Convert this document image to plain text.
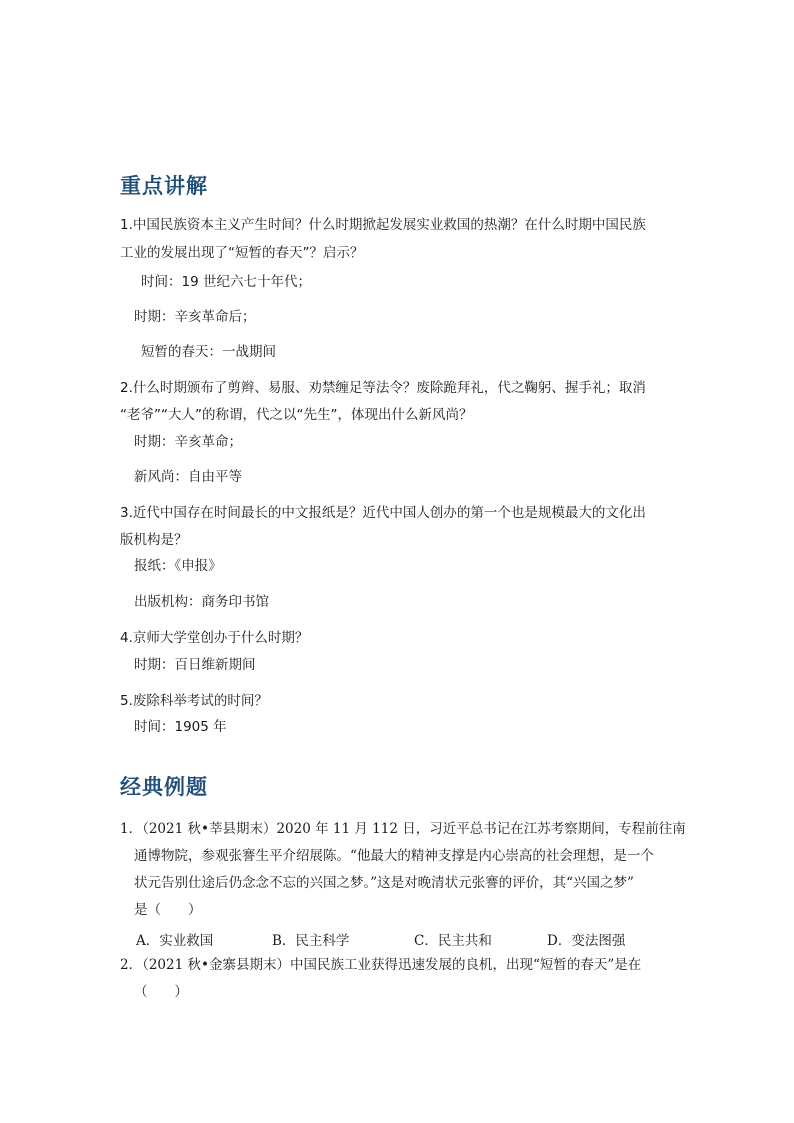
重点讲解
1.中国民族资本主义产生时间？什么时期掀起发展实业救国的热潮？在什么时期中国民族
工业的发展出现了“短暂的春天”？启示？
时间：19 世纪六七十年代；
时期：辛亥革命后；
短暂的春天：一战期间
2.什么时期颁布了剪辫、易服、劝禁缠足等法令？废除跪拜礼，代之鞠躬、握手礼；取消
“老爷”“大人”的称谓，代之以“先生”，体现出什么新风尚？
时期：辛亥革命；
新风尚：自由平等
3.近代中国存在时间最长的中文报纸是？近代中国人创办的第一个也是规模最大的文化出
版机构是？
报纸：《申报》
出版机构：商务印书馆
4.京师大学堂创办于什么时期？
时期：百日维新期间
5.废除科举考试的时间？
时间：1905 年
经典例题
1．（2021 秋•莘县期末）2020 年 11 月 112 日，习近平总书记在江苏考察期间，专程前往南
通博物院，参观张謇生平介绍展陈。“他最大的精神支撑是内心崇高的社会理想，是一个
状元告别仕途后仍念念不忘的兴国之梦。”这是对晚清状元张謇的评价，其“兴国之梦”
是（　　）
A．实业救国	B．民主科学	C．民主共和	D．变法图强
2．（2021 秋•金寨县期末）中国民族工业获得迅速发展的良机，出现“短暂的春天”是在
（　　）
